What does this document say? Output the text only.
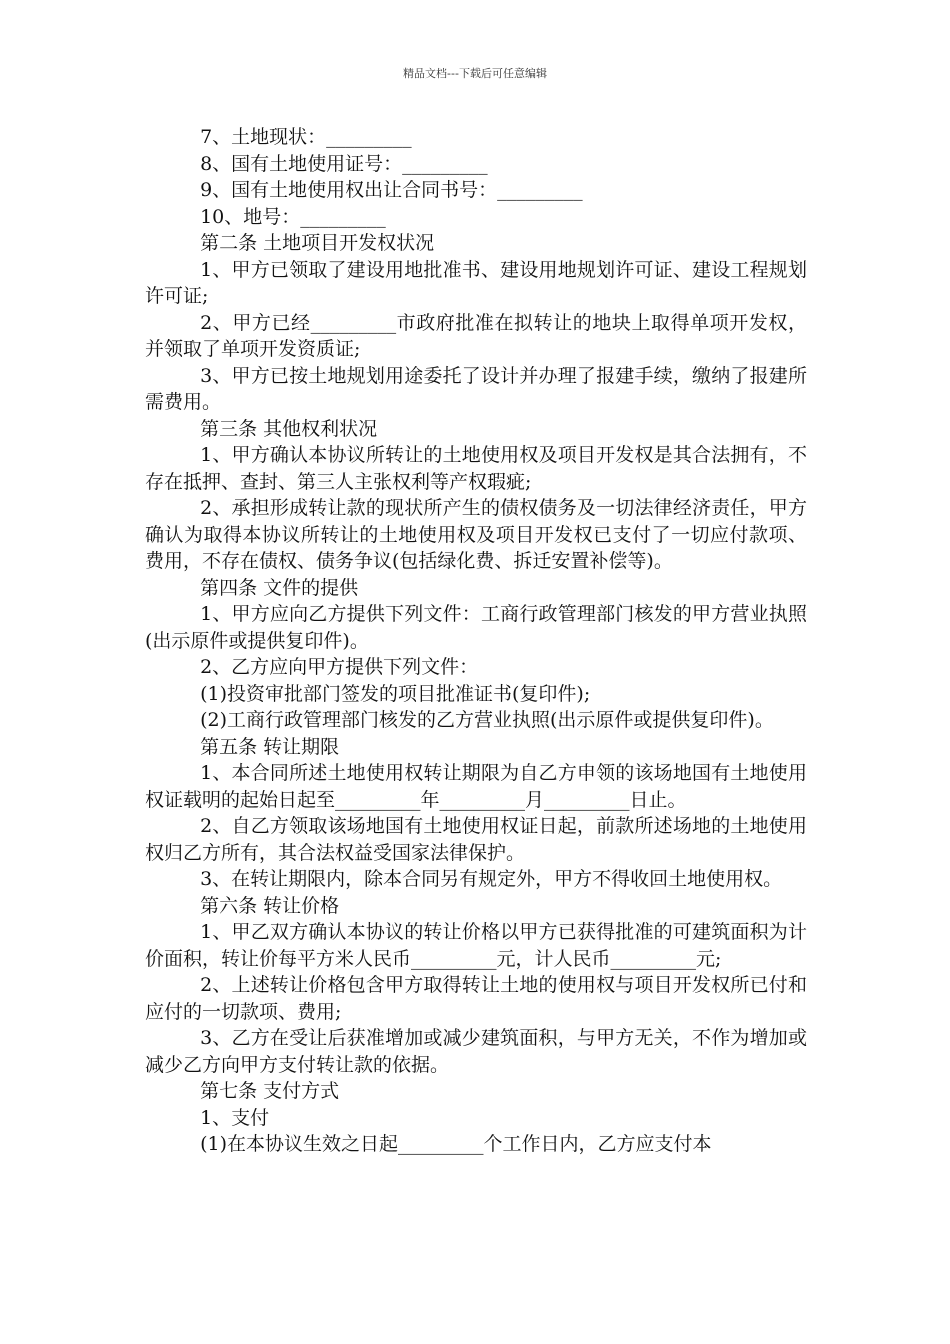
精品文档---下载后可任意编辑

7、土地现状：_________

8、国有土地使用证号：_________

9、国有土地使用权出让合同书号：_________

10、地号：_________

第二条 土地项目开发权状况

1、甲方已领取了建设用地批准书、建设用地规划许可证、建设工程规划许可证;

2、甲方已经_________市政府批准在拟转让的地块上取得单项开发权，并领取了单项开发资质证;

3、甲方已按土地规划用途委托了设计并办理了报建手续，缴纳了报建所需费用。

第三条 其他权利状况

1、甲方确认本协议所转让的土地使用权及项目开发权是其合法拥有，不存在抵押、查封、第三人主张权利等产权瑕疵;

2、承担形成转让款的现状所产生的债权债务及一切法律经济责任，甲方确认为取得本协议所转让的土地使用权及项目开发权已支付了一切应付款项、费用，不存在债权、债务争议(包括绿化费、拆迁安置补偿等)。

第四条 文件的提供

1、甲方应向乙方提供下列文件：工商行政管理部门核发的甲方营业执照(出示原件或提供复印件)。

2、乙方应向甲方提供下列文件：

(1)投资审批部门签发的项目批准证书(复印件);

(2)工商行政管理部门核发的乙方营业执照(出示原件或提供复印件)。

第五条 转让期限

1、本合同所述土地使用权转让期限为自乙方申领的该场地国有土地使用权证载明的起始日起至_________年_________月_________日止。

2、自乙方领取该场地国有土地使用权证日起，前款所述场地的土地使用权归乙方所有，其合法权益受国家法律保护。

3、在转让期限内，除本合同另有规定外，甲方不得收回土地使用权。

第六条 转让价格

1、甲乙双方确认本协议的转让价格以甲方已获得批准的可建筑面积为计价面积，转让价每平方米人民币_________元，计人民币_________元;

2、上述转让价格包含甲方取得转让土地的使用权与项目开发权所已付和应付的一切款项、费用;

3、乙方在受让后获准增加或减少建筑面积，与甲方无关，不作为增加或减少乙方向甲方支付转让款的依据。

第七条 支付方式

1、支付

(1)在本协议生效之日起_________个工作日内，乙方应支付本
